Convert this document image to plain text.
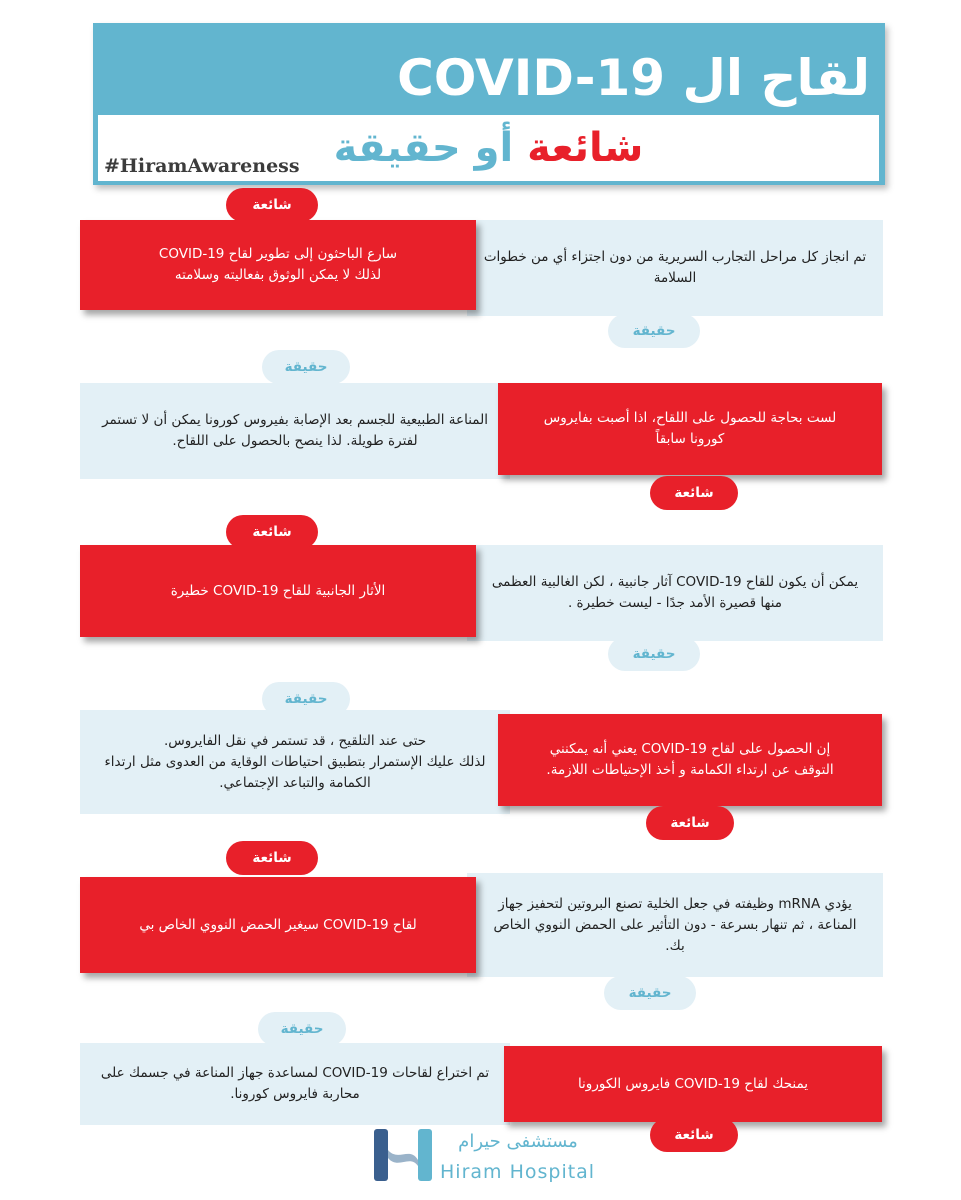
لقاح ال COVID-19
شائعة أو حقيقة
#HiramAwareness
تم انجاز كل مراحل التجارب السريرية من دون اجتزاء أي من خطوات
السلامة
سارع الباحثون إلى تطوير لقاح COVID-19
لذلك لا يمكن الوثوق بفعاليته وسلامته
شائعة
حقيقة
المناعة الطبيعية للجسم بعد الإصابة بفيروس كورونا يمكن أن لا تستمر
لفترة طويلة. لذا ينصح بالحصول على اللقاح.
لست بحاجة للحصول على اللقاح، اذا أصبت بفايروس
كورونا سابقاً
حقيقة
شائعة
يمكن أن يكون للقاح COVID-19 آثار جانبية ، لكن الغالبية العظمى
منها قصيرة الأمد جدًا - ليست خطيرة .
الأثار الجانبية للقاح COVID-19 خطيرة
شائعة
حقيقة
حتى عند التلقيح ، قد تستمر في نقل الفايروس.
لذلك عليك الإستمرار بتطبيق احتياطات الوقاية من العدوى مثل ارتداء
الكمامة والتباعد الإجتماعي.
إن الحصول على لقاح COVID-19 يعني أنه يمكنني
التوقف عن ارتداء الكمامة و أخذ الإحتياطات اللازمة.
حقيقة
شائعة
يؤدي mRNA وظيفته في جعل الخلية تصنع البروتين لتحفيز جهاز
المناعة ، ثم تنهار بسرعة - دون التأثير على الحمض النووي الخاص
بك.
لقاح COVID-19 سيغير الحمض النووي الخاص بي
شائعة
حقيقة
تم اختراع لقاحات COVID-19 لمساعدة جهاز المناعة في جسمك على
محاربة فايروس كورونا.
يمنحك لقاح COVID-19 فايروس الكورونا
حقيقة
شائعة
مستشفى حيرام
Hiram Hospital
